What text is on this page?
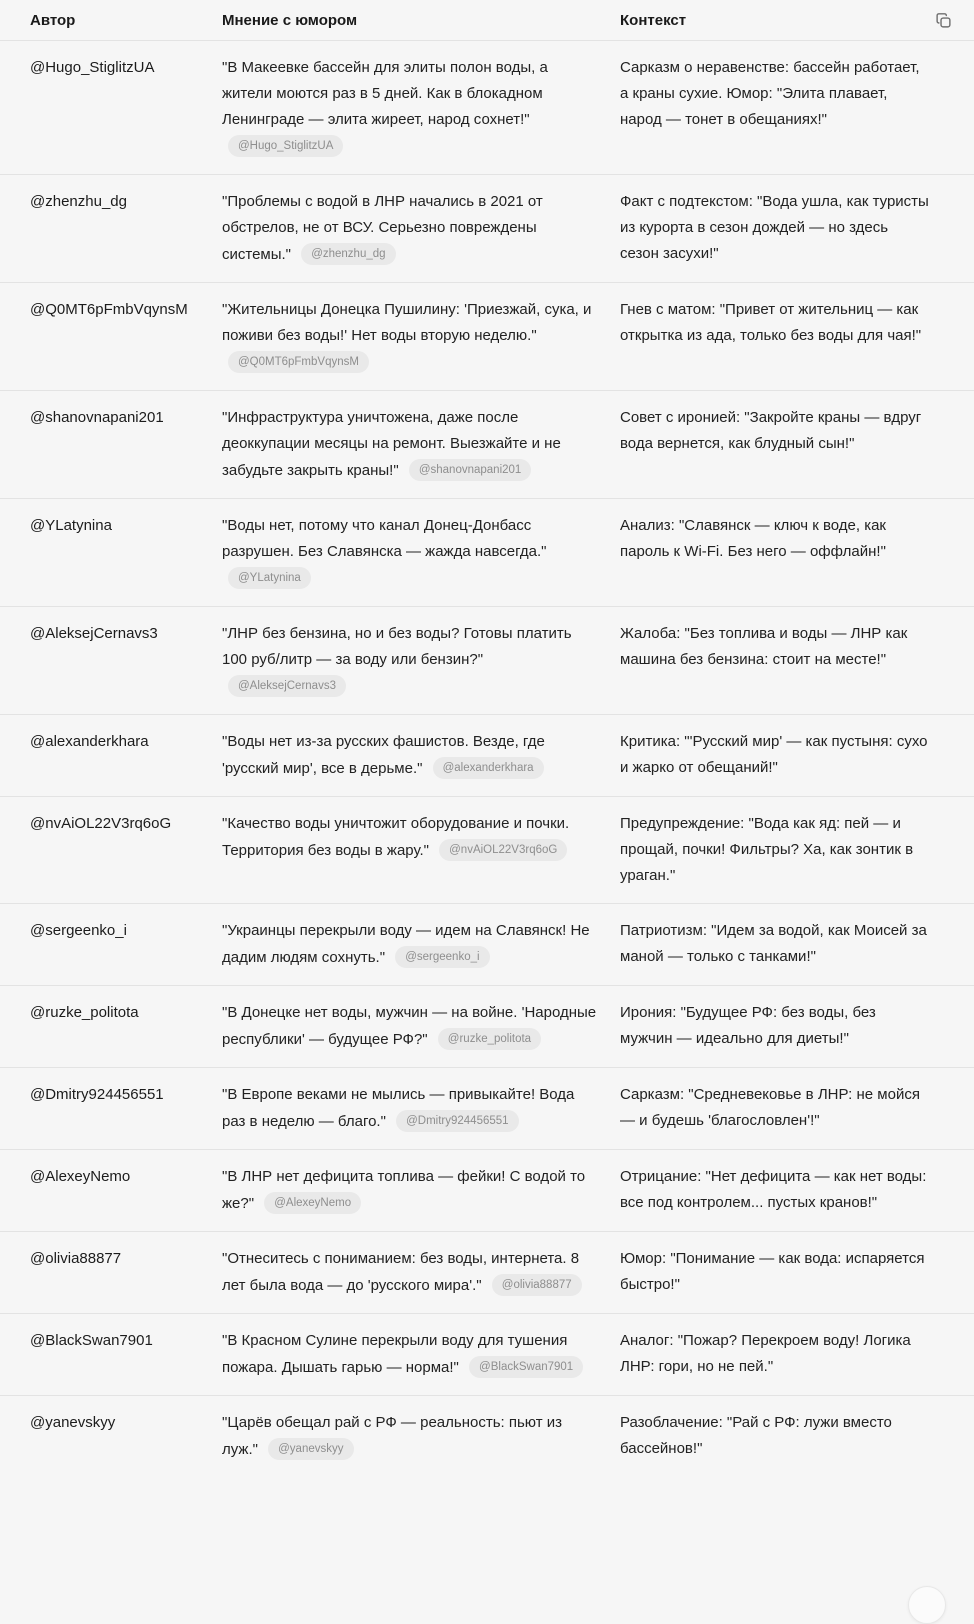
Автор	Мнение с юмором	Контекст
@Hugo_StiglitzUA	"В Макеевке бассейн для элиты полон воды, а жители моются раз в 5 дней. Как в блокадном Ленинграде — элита жиреет, народ сохнет!" @Hugo_StiglitzUA
Сарказм о неравенстве: бассейн работает, а краны сухие. Юмор: "Элита плавает, народ — тонет в обещаниях!"
@zhenzhu_dg	"Проблемы с водой в ЛНР начались в 2021 от обстрелов, не от ВСУ. Серьезно повреждены системы." @zhenzhu_dg
Факт с подтекстом: "Вода ушла, как туристы из курорта в сезон дождей — но здесь сезон засухи!"
@Q0MT6pFmbVqynsM	"Жительницы Донецка Пушилину: 'Приезжай, сука, и поживи без воды!' Нет воды вторую неделю." @Q0MT6pFmbVqynsM
Гнев с матом: "Привет от жительниц — как открытка из ада, только без воды для чая!"
@shanovnapani201	"Инфраструктура уничтожена, даже после деоккупации месяцы на ремонт. Выезжайте и не забудьте закрыть краны!" @shanovnapani201
Совет с иронией: "Закройте краны — вдруг вода вернется, как блудный сын!"
@YLatynina	"Воды нет, потому что канал Донец-Донбасс разрушен. Без Славянска — жажда навсегда." @YLatynina
Анализ: "Славянск — ключ к воде, как пароль к Wi-Fi. Без него — оффлайн!"
@AleksejCernavs3	"ЛНР без бензина, но и без воды? Готовы платить 100 руб/литр — за воду или бензин?" @AleksejCernavs3
Жалоба: "Без топлива и воды — ЛНР как машина без бензина: стоит на месте!"
@alexanderkhara	"Воды нет из-за русских фашистов. Везде, где 'русский мир', все в дерьме." @alexanderkhara
Критика: "'Русский мир' — как пустыня: сухо и жарко от обещаний!"
@nvAiOL22V3rq6oG	"Качество воды уничтожит оборудование и почки. Территория без воды в жару." @nvAiOL22V3rq6oG
Предупреждение: "Вода как яд: пей — и прощай, почки! Фильтры? Ха, как зонтик в ураган."
@sergeenko_i	"Украинцы перекрыли воду — идем на Славянск! Не дадим людям сохнуть." @sergeenko_i
Патриотизм: "Идем за водой, как Моисей за маной — только с танками!"
@ruzke_politota	"В Донецке нет воды, мужчин — на войне. 'Народные республики' — будущее РФ?" @ruzke_politota
Ирония: "Будущее РФ: без воды, без мужчин — идеально для диеты!"
@Dmitry924456551	"В Европе веками не мылись — привыкайте! Вода раз в неделю — благо." @Dmitry924456551
Сарказм: "Средневековье в ЛНР: не мойся — и будешь 'благословлен'!"
@AlexeyNemo	"В ЛНР нет дефицита топлива — фейки! С водой то же?" @AlexeyNemo
Отрицание: "Нет дефицита — как нет воды: все под контролем... пустых кранов!"
@olivia88877	"Отнеситесь с пониманием: без воды, интернета. 8 лет была вода — до 'русского мира'." @olivia88877
Юмор: "Понимание — как вода: испаряется быстро!"
@BlackSwan7901	"В Красном Сулине перекрыли воду для тушения пожара. Дышать гарью — норма!" @BlackSwan7901
Аналог: "Пожар? Перекроем воду! Логика ЛНР: гори, но не пей."
@yanevskyy	"Царёв обещал рай с РФ — реальность: пьют из луж." @yanevskyy
Разоблачение: "Рай с РФ: лужи вместо бассейнов!"
